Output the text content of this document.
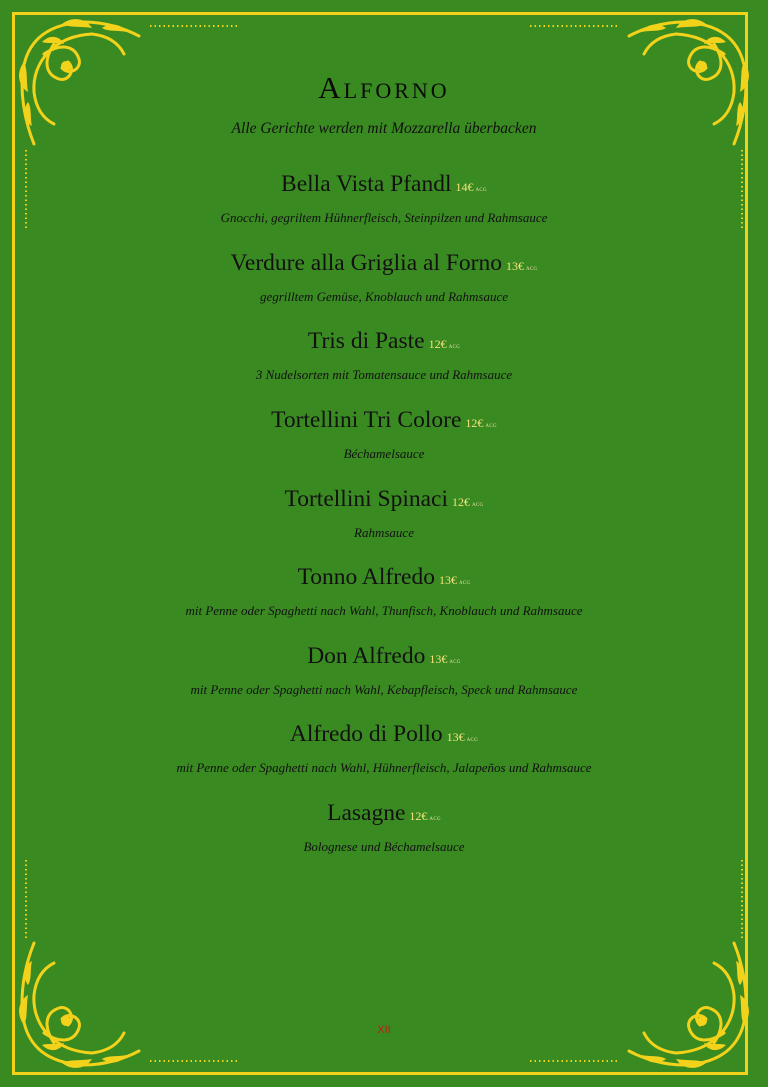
Alforno
Alle Gerichte werden mit Mozzarella überbacken
Bella Vista Pfandl 14€ ACG
Gnocchi, gegriltem Hühnerfleisch, Steinpilzen und Rahmsauce
Verdure alla Griglia al Forno 13€ ACG
gegrilltem Gemüse, Knoblauch und Rahmsauce
Tris di Paste 12€ ACG
3 Nudelsorten mit Tomatensauce und Rahmsauce
Tortellini Tri Colore 12€ ACG
Béchamelsauce
Tortellini Spinaci 12€ ACG
Rahmsauce
Tonno Alfredo 13€ ACG
mit Penne oder Spaghetti nach Wahl, Thunfisch, Knoblauch und Rahmsauce
Don Alfredo 13€ ACG
mit Penne oder Spaghetti nach Wahl, Kebapfleisch, Speck und Rahmsauce
Alfredo di Pollo 13€ ACG
mit Penne oder Spaghetti nach Wahl, Hühnerfleisch, Jalapeños und Rahmsauce
Lasagne 12€ ACG
Bolognese und Béchamelsauce
XII
